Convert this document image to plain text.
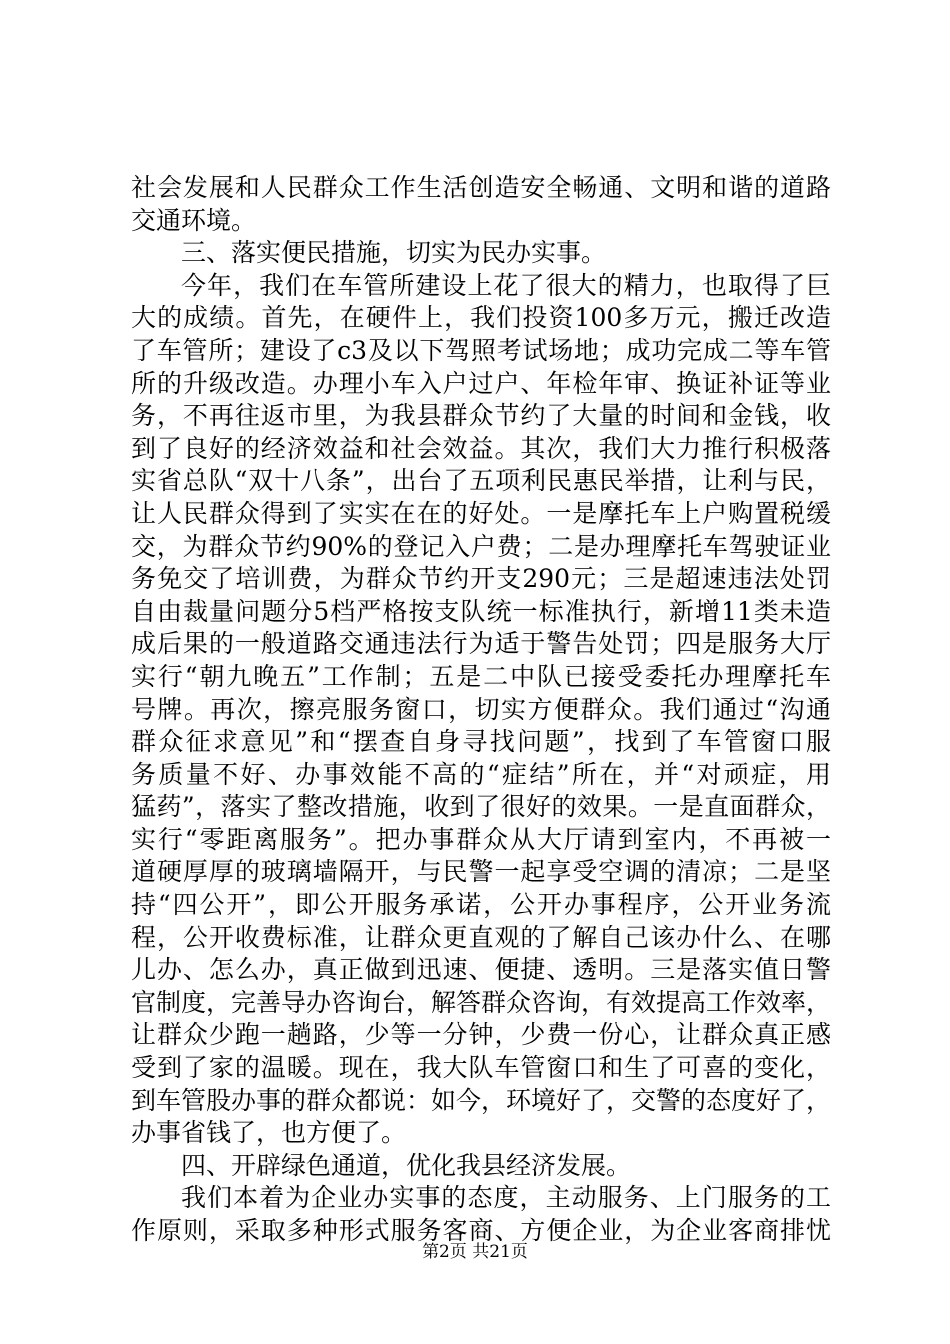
社会发展和人民群众工作生活创造安全畅通、文明和谐的道路
交通环境。
三、落实便民措施，切实为民办实事。
今年，我们在车管所建设上花了很大的精力，也取得了巨
大的成绩。首先，在硬件上，我们投资100多万元，搬迁改造
了车管所；建设了c3及以下驾照考试场地；成功完成二等车管
所的升级改造。办理小车入户过户、年检年审、换证补证等业
务，不再往返市里，为我县群众节约了大量的时间和金钱，收
到了良好的经济效益和社会效益。其次，我们大力推行积极落
实省总队“双十八条”，出台了五项利民惠民举措，让利与民，
让人民群众得到了实实在在的好处。一是摩托车上户购置税缓
交，为群众节约90%的登记入户费；二是办理摩托车驾驶证业
务免交了培训费，为群众节约开支290元；三是超速违法处罚
自由裁量问题分5档严格按支队统一标准执行，新增11类未造
成后果的一般道路交通违法行为适于警告处罚；四是服务大厅
实行“朝九晚五”工作制；五是二中队已接受委托办理摩托车
号牌。再次，擦亮服务窗口，切实方便群众。我们通过“沟通
群众征求意见”和“摆查自身寻找问题”，找到了车管窗口服
务质量不好、办事效能不高的“症结”所在，并“对顽症，用
猛药”，落实了整改措施，收到了很好的效果。一是直面群众，
实行“零距离服务”。把办事群众从大厅请到室内，不再被一
道硬厚厚的玻璃墙隔开，与民警一起享受空调的清凉；二是坚
持“四公开”，即公开服务承诺，公开办事程序，公开业务流
程，公开收费标准，让群众更直观的了解自己该办什么、在哪
儿办、怎么办，真正做到迅速、便捷、透明。三是落实值日警
官制度，完善导办咨询台，解答群众咨询，有效提高工作效率，
让群众少跑一趟路，少等一分钟，少费一份心，让群众真正感
受到了家的温暖。现在，我大队车管窗口和生了可喜的变化，
到车管股办事的群众都说：如今，环境好了，交警的态度好了，
办事省钱了，也方便了。
四、开辟绿色通道，优化我县经济发展。
我们本着为企业办实事的态度，主动服务、上门服务的工
作原则，采取多种形式服务客商、方便企业，为企业客商排忧
第2页 共21页
